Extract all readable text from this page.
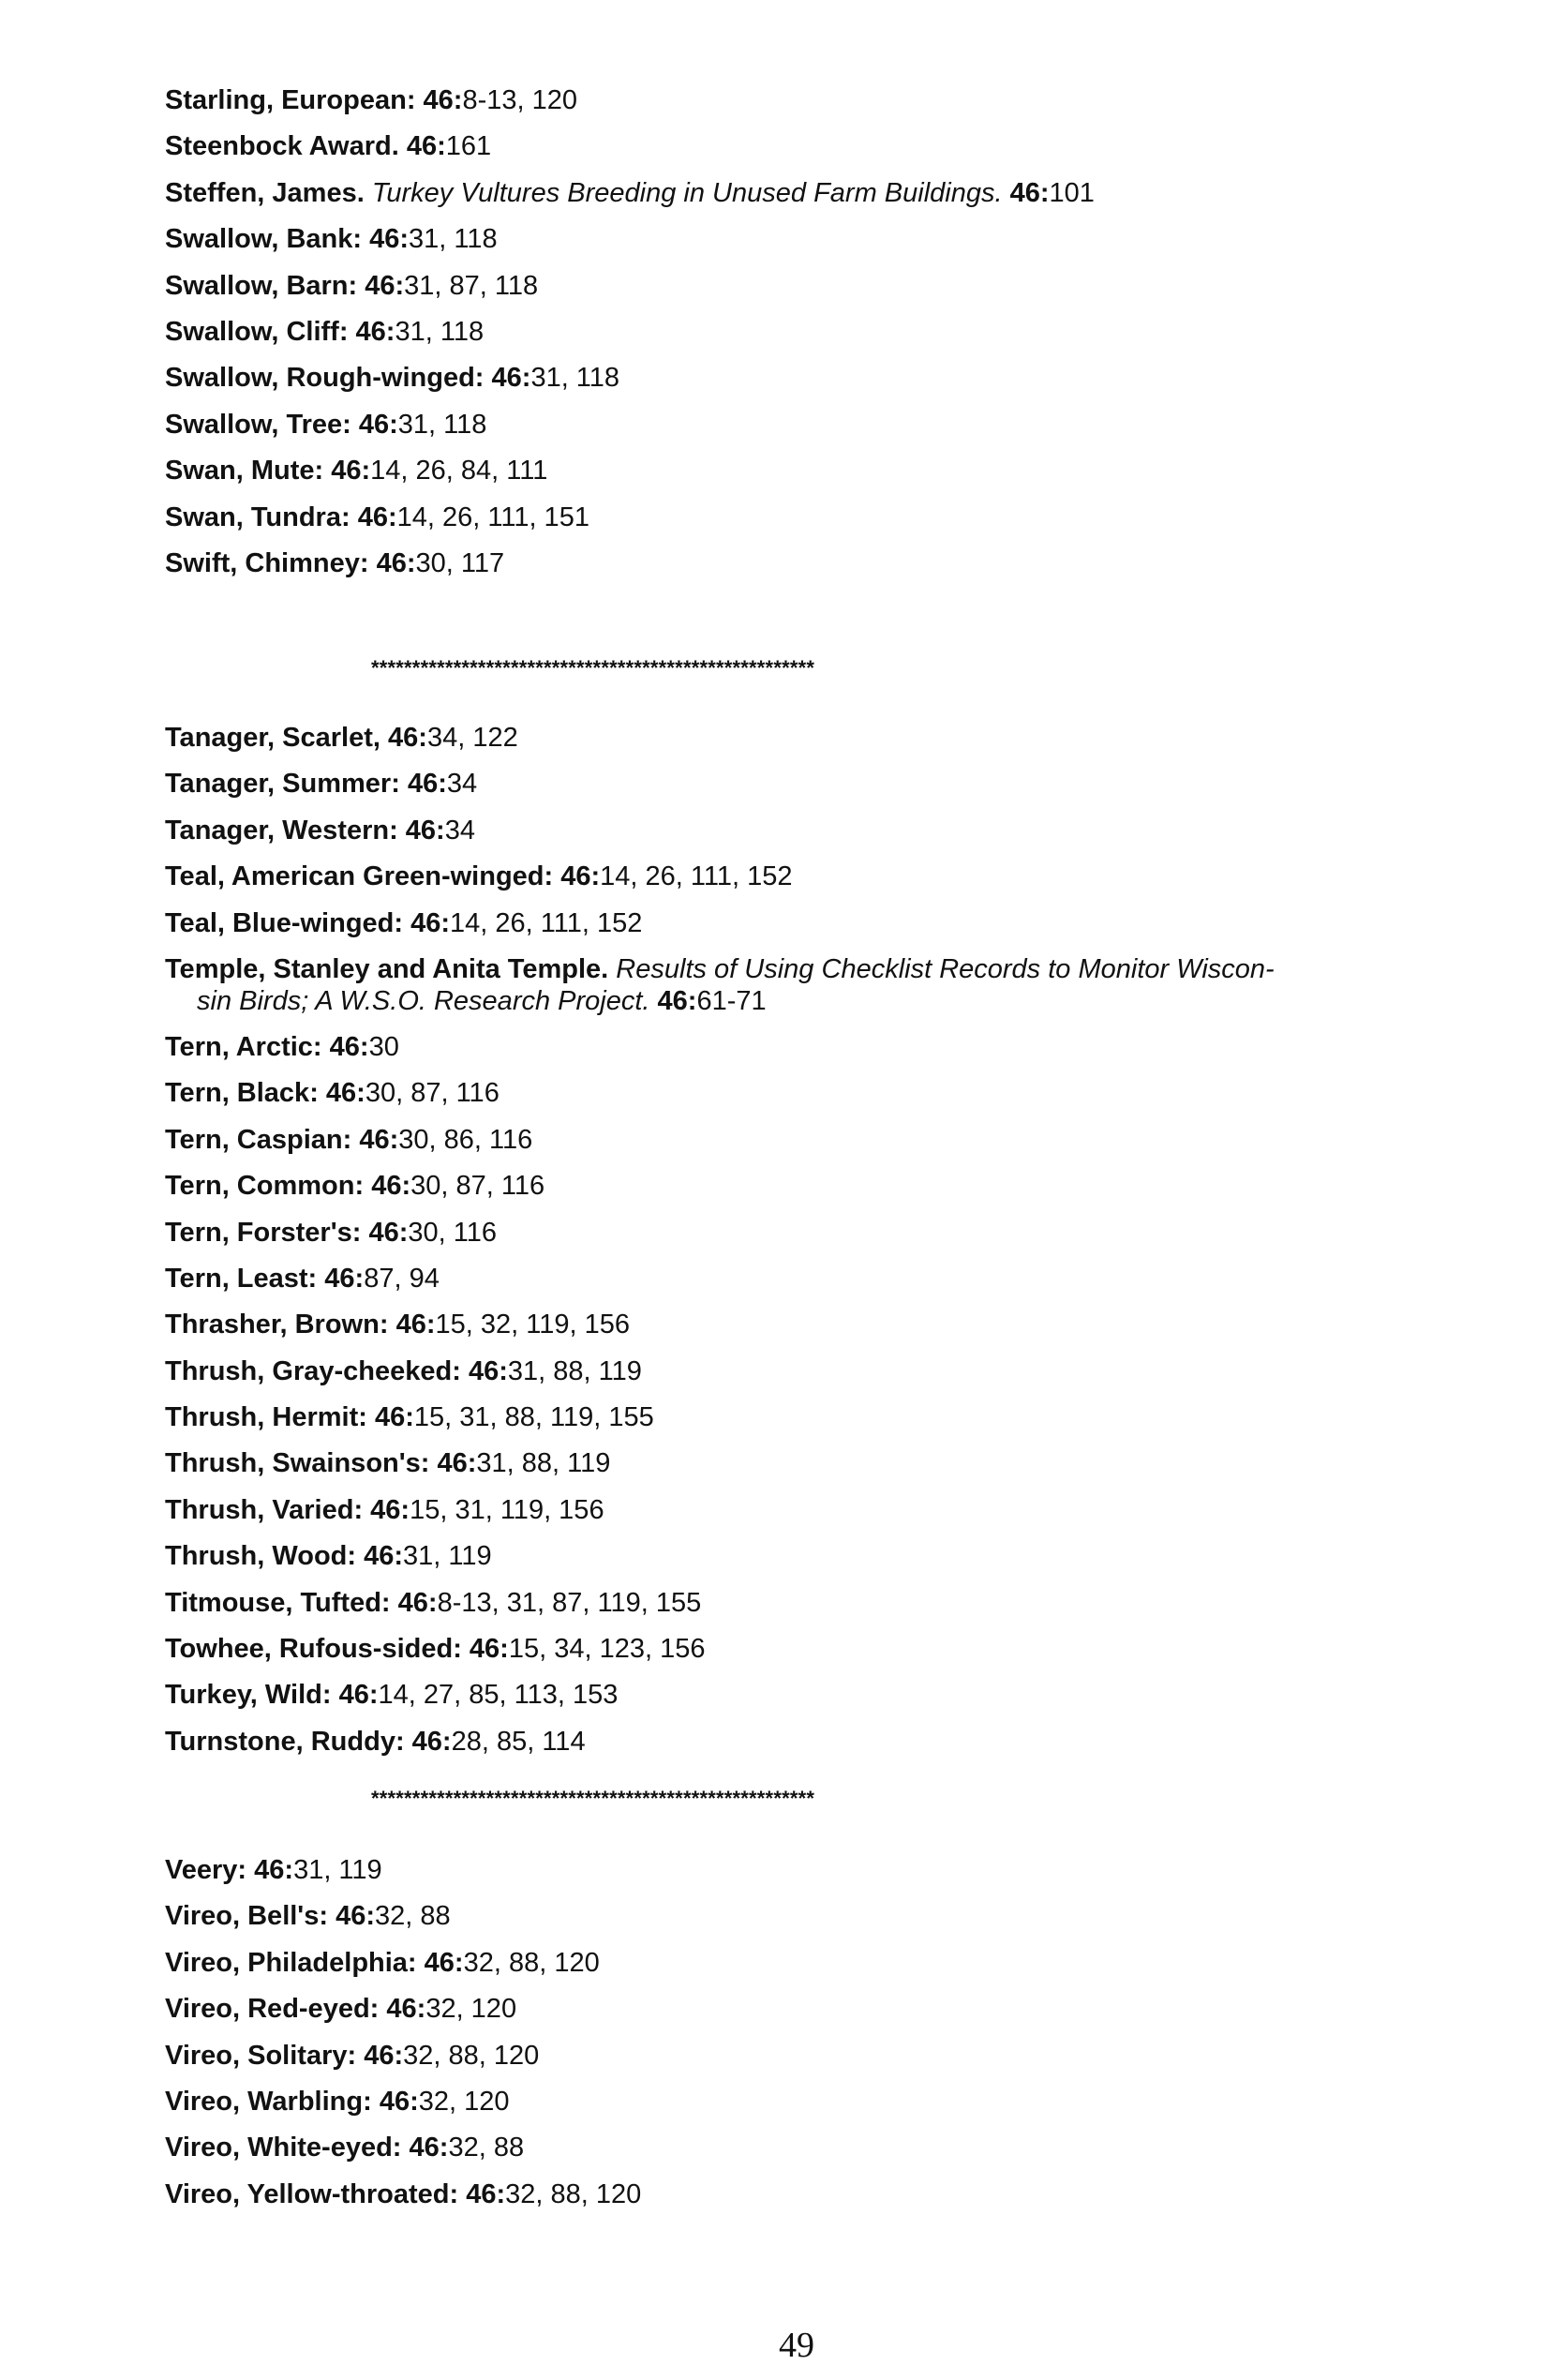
Starling, European: 46:8-13, 120
Steenbock Award. 46:161
Steffen, James. Turkey Vultures Breeding in Unused Farm Buildings. 46:101
Swallow, Bank: 46:31, 118
Swallow, Barn: 46:31, 87, 118
Swallow, Cliff: 46:31, 118
Swallow, Rough-winged: 46:31, 118
Swallow, Tree: 46:31, 118
Swan, Mute: 46:14, 26, 84, 111
Swan, Tundra: 46:14, 26, 111, 151
Swift, Chimney: 46:30, 117
******************************************************
Tanager, Scarlet, 46:34, 122
Tanager, Summer: 46:34
Tanager, Western: 46:34
Teal, American Green-winged: 46:14, 26, 111, 152
Teal, Blue-winged: 46:14, 26, 111, 152
Temple, Stanley and Anita Temple. Results of Using Checklist Records to Monitor Wiscon-
sin Birds; A W.S.O. Research Project. 46:61-71
Tern, Arctic: 46:30
Tern, Black: 46:30, 87, 116
Tern, Caspian: 46:30, 86, 116
Tern, Common: 46:30, 87, 116
Tern, Forster's: 46:30, 116
Tern, Least: 46:87, 94
Thrasher, Brown: 46:15, 32, 119, 156
Thrush, Gray-cheeked: 46:31, 88, 119
Thrush, Hermit: 46:15, 31, 88, 119, 155
Thrush, Swainson's: 46:31, 88, 119
Thrush, Varied: 46:15, 31, 119, 156
Thrush, Wood: 46:31, 119
Titmouse, Tufted: 46:8-13, 31, 87, 119, 155
Towhee, Rufous-sided: 46:15, 34, 123, 156
Turkey, Wild: 46:14, 27, 85, 113, 153
Turnstone, Ruddy: 46:28, 85, 114
******************************************************
Veery: 46:31, 119
Vireo, Bell's: 46:32, 88
Vireo, Philadelphia: 46:32, 88, 120
Vireo, Red-eyed: 46:32, 120
Vireo, Solitary: 46:32, 88, 120
Vireo, Warbling: 46:32, 120
Vireo, White-eyed: 46:32, 88
Vireo, Yellow-throated: 46:32, 88, 120
49
